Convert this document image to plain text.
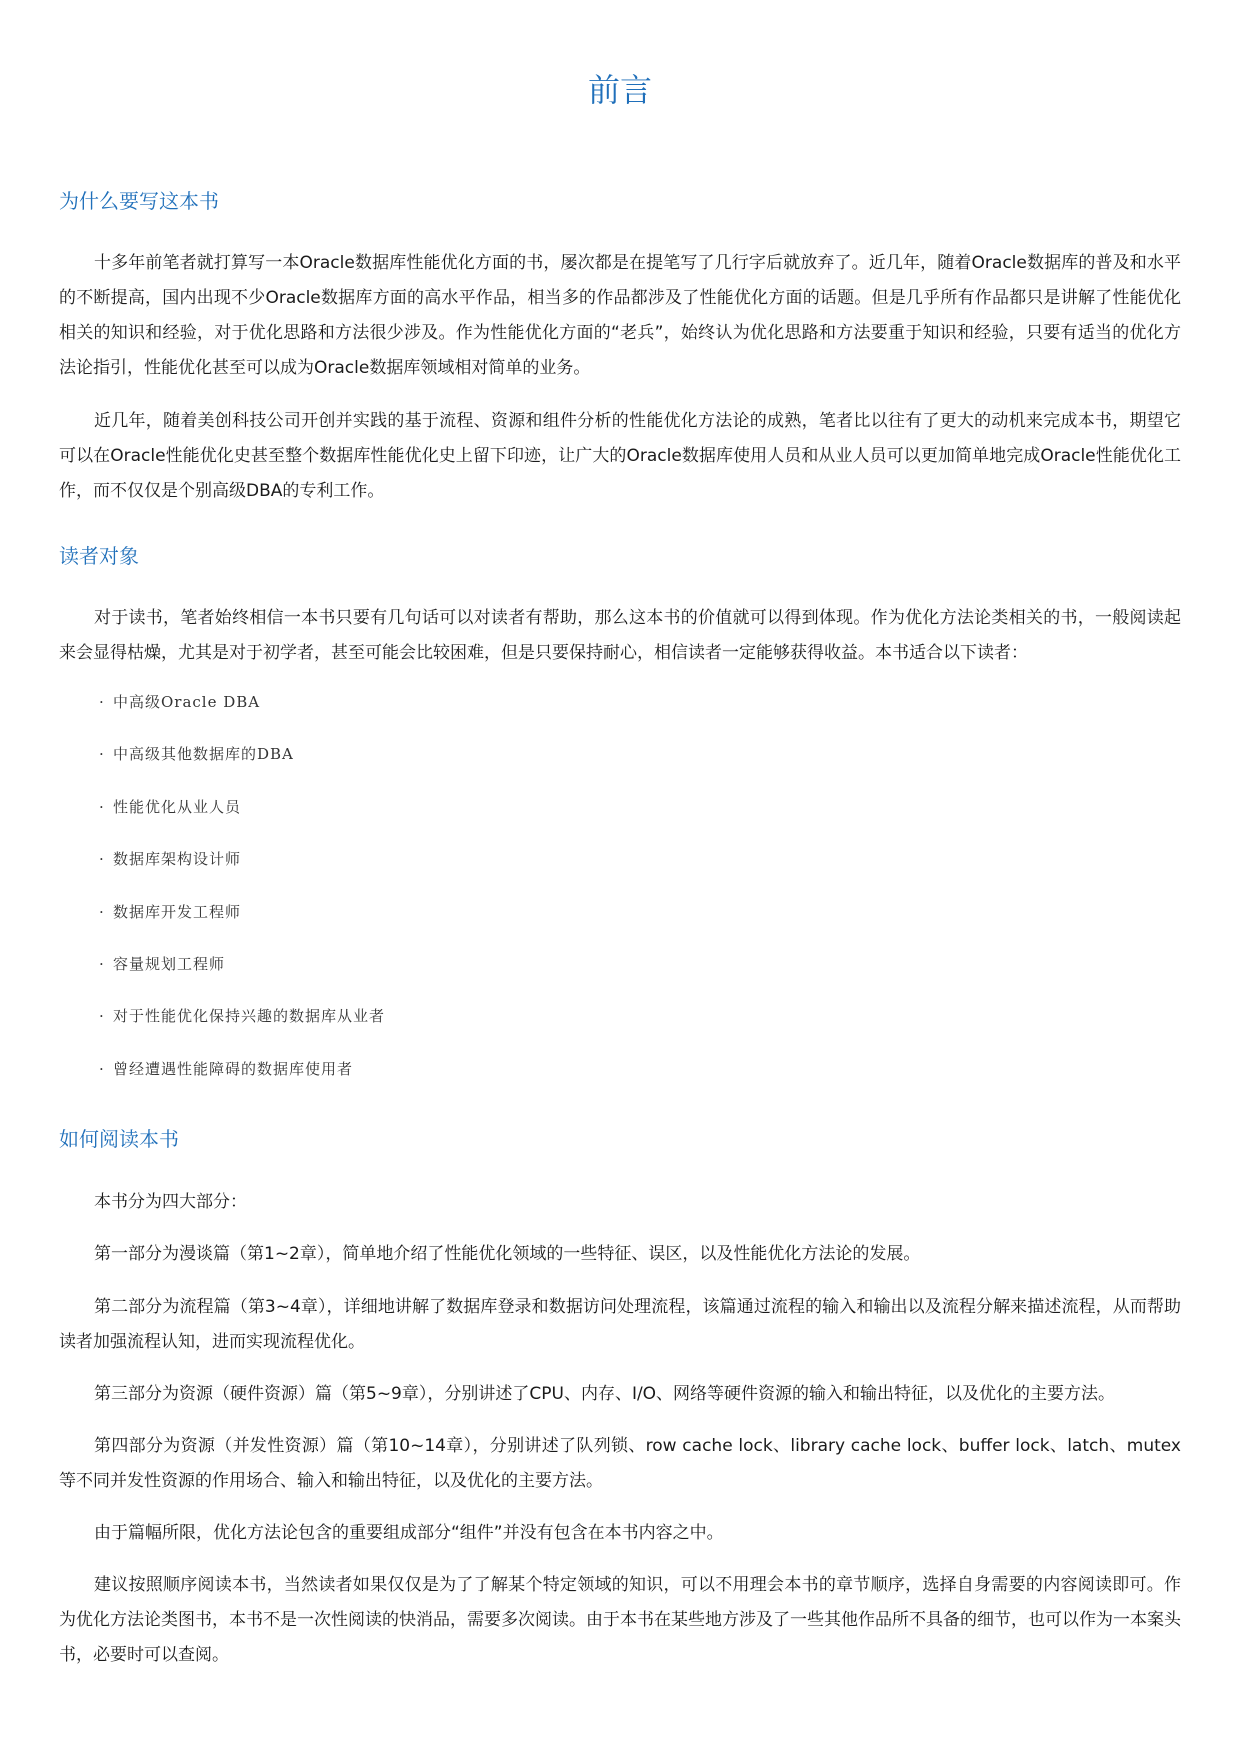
前言
为什么要写这本书

十多年前笔者就打算写一本Oracle数据库性能优化方面的书，屡次都是在提笔写了几行字后就放弃了。近几年，随着Oracle数据库的普及和水平的不断提高，国内出现不少Oracle数据库方面的高水平作品，相当多的作品都涉及了性能优化方面的话题。但是几乎所有作品都只是讲解了性能优化相关的知识和经验，对于优化思路和方法很少涉及。作为性能优化方面的“老兵”，始终认为优化思路和方法要重于知识和经验，只要有适当的优化方法论指引，性能优化甚至可以成为Oracle数据库领域相对简单的业务。

近几年，随着美创科技公司开创并实践的基于流程、资源和组件分析的性能优化方法论的成熟，笔者比以往有了更大的动机来完成本书，期望它可以在Oracle性能优化史甚至整个数据库性能优化史上留下印迹，让广大的Oracle数据库使用人员和从业人员可以更加简单地完成Oracle性能优化工作，而不仅仅是个别高级DBA的专利工作。

读者对象

对于读书，笔者始终相信一本书只要有几句话可以对读者有帮助，那么这本书的价值就可以得到体现。作为优化方法论类相关的书，一般阅读起来会显得枯燥，尤其是对于初学者，甚至可能会比较困难，但是只要保持耐心，相信读者一定能够获得收益。本书适合以下读者：

· 中高级Oracle DBA
· 中高级其他数据库的DBA
· 性能优化从业人员
· 数据库架构设计师
· 数据库开发工程师
· 容量规划工程师
· 对于性能优化保持兴趣的数据库从业者
· 曾经遭遇性能障碍的数据库使用者
如何阅读本书

本书分为四大部分：

第一部分为漫谈篇（第1~2章），简单地介绍了性能优化领域的一些特征、误区，以及性能优化方法论的发展。

第二部分为流程篇（第3~4章），详细地讲解了数据库登录和数据访问处理流程，该篇通过流程的输入和输出以及流程分解来描述流程，从而帮助读者加强流程认知，进而实现流程优化。

第三部分为资源（硬件资源）篇（第5~9章），分别讲述了CPU、内存、I/O、网络等硬件资源的输入和输出特征，以及优化的主要方法。

第四部分为资源（并发性资源）篇（第10~14章），分别讲述了队列锁、row cache lock、library cache lock、buffer lock、latch、mutex等不同并发性资源的作用场合、输入和输出特征，以及优化的主要方法。

由于篇幅所限，优化方法论包含的重要组成部分“组件”并没有包含在本书内容之中。

建议按照顺序阅读本书，当然读者如果仅仅是为了了解某个特定领域的知识，可以不用理会本书的章节顺序，选择自身需要的内容阅读即可。作为优化方法论类图书，本书不是一次性阅读的快消品，需要多次阅读。由于本书在某些地方涉及了一些其他作品所不具备的细节，也可以作为一本案头书，必要时可以查阅。
